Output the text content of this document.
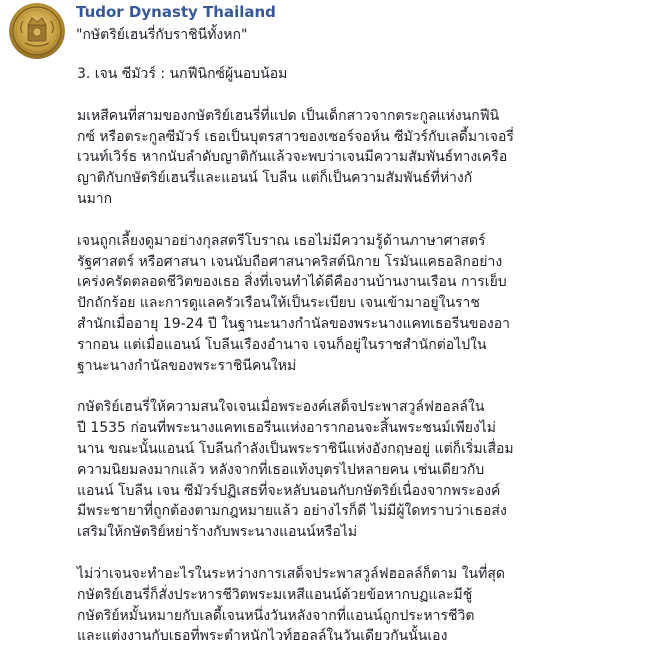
Tudor Dynasty Thailand
"กษัตริย์เฮนรี่กับราชินีทั้งหก"

3. เจน ซีมัวร์ : นกฟีนิกซ์ผู้นอบน้อม

มเหสีคนที่สามของกษัตริย์เฮนรี่ที่แปด เป็นเด็กสาวจากตระกูลแห่งนกฟีนิ
กซ์ หรือตระกูลซีมัวร์ เธอเป็นบุตรสาวของเซอร์จอห์น ซีมัวร์กับเลดี้มาเจอรี่
เวนท์เวิร์ธ หากนับลำดับญาติกันแล้วจะพบว่าเจนมีความสัมพันธ์ทางเครือ
ญาติกับกษัตริย์เฮนรี่และแอนน์ โบลีน แต่ก็เป็นความสัมพันธ์ที่ห่างกั
นมาก

เจนถูกเลี้ยงดูมาอย่างกุลสตรีโบราณ เธอไม่มีความรู้ด้านภาษาศาสตร์
รัฐศาสตร์ หรือศาสนา เจนนับถือศาสนาคริสต์นิกาย โรมันแคธอลิกอย่าง
เคร่งครัดตลอดชีวิตของเธอ สิ่งที่เจนทำได้ดีคืองานบ้านงานเรือน การเย็บ
ปักถักร้อย และการดูแลครัวเรือนให้เป็นระเบียบ เจนเข้ามาอยู่ในราช
สำนักเมื่ออายุ 19-24 ปี ในฐานะนางกำนัลของพระนางแคทเธอรีนของอา
รากอน แต่เมื่อแอนน์ โบลีนเรืองอำนาจ เจนก็อยู่ในราชสำนักต่อไปใน
ฐานะนางกำนัลของพระราชินีคนใหม่

กษัตริย์เฮนรี่ให้ความสนใจเจนเมื่อพระองค์เสด็จประพาสวูล์ฟฮอลล์ใน
ปี 1535 ก่อนที่พระนางแคทเธอรีนแห่งอารากอนจะสิ้นพระชนม์เพียงไม่
นาน ขณะนั้นแอนน์ โบลีนกำลังเป็นพระราชินีแห่งอังกฤษอยู่ แต่ก็เริ่มเสื่อม
ความนิยมลงมากแล้ว หลังจากที่เธอแท้งบุตรไปหลายคน เช่นเดียวกับ
แอนน์ โบลีน เจน ซีมัวร์ปฏิเสธที่จะหลับนอนกับกษัตริย์เนื่องจากพระองค์
มีพระชายาที่ถูกต้องตามกฎหมายแล้ว อย่างไรก็ดี ไม่มีผู้ใดทราบว่าเธอส่ง
เสริมให้กษัตริย์หย่าร้างกับพระนางแอนน์หรือไม่

ไม่ว่าเจนจะทำอะไรในระหว่างการเสด็จประพาสวูล์ฟฮอลล์ก็ตาม ในที่สุด
กษัตริย์เฮนรี่ก็สั่งประหารชีวิตพระมเหสีแอนน์ด้วยข้อหากบฏและมีชู้
กษัตริย์หมั้นหมายกับเลดี้เจนหนึ่งวันหลังจากที่แอนน์ถูกประหารชีวิต
และแต่งงานกับเธอที่พระตำหนักไวท์ฮอลล์ในวันเดียวกันนั้นเอง
